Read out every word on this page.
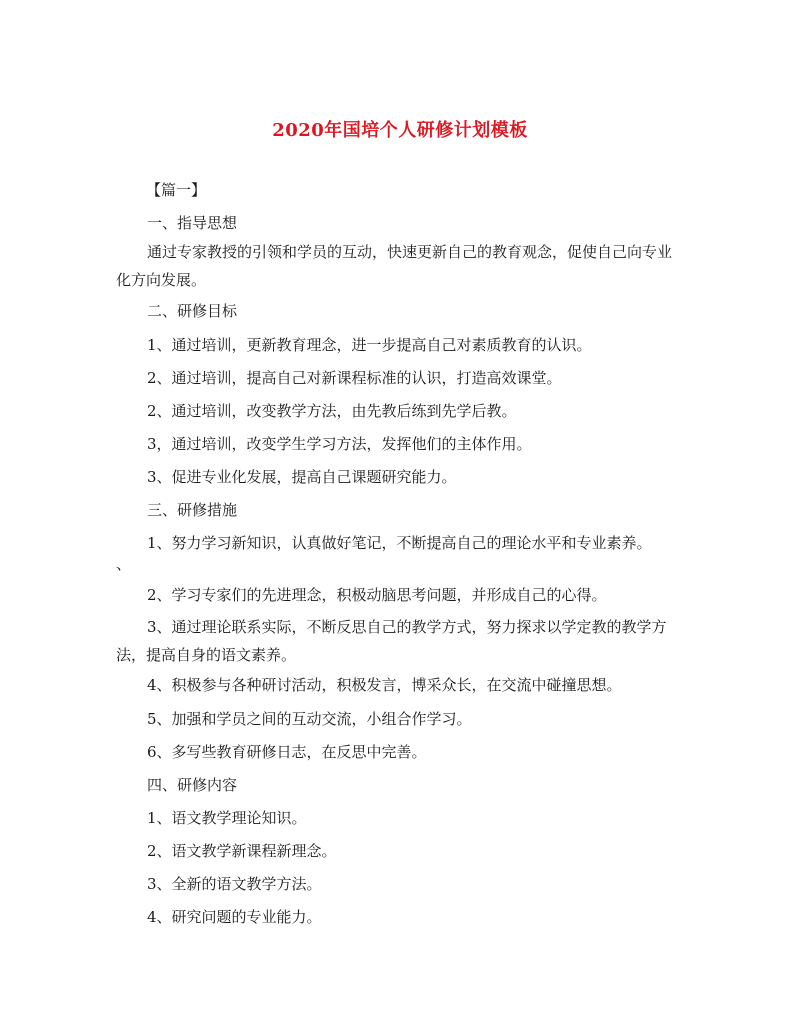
2020年国培个人研修计划模板
【篇一】
一、指导思想
通过专家教授的引领和学员的互动，快速更新自己的教育观念，促使自己向专业化方向发展。
二、研修目标
1、通过培训，更新教育理念，进一步提高自己对素质教育的认识。
2、通过培训，提高自己对新课程标准的认识，打造高效课堂。
2、通过培训，改变教学方法，由先教后练到先学后教。
3，通过培训，改变学生学习方法，发挥他们的主体作用。
3、促进专业化发展，提高自己课题研究能力。
三、研修措施
1、努力学习新知识，认真做好笔记，不断提高自己的理论水平和专业素养。
、
2、学习专家们的先进理念，积极动脑思考问题，并形成自己的心得。
3、通过理论联系实际，不断反思自己的教学方式，努力探求以学定教的教学方法，提高自身的语文素养。
4、积极参与各种研讨活动，积极发言，博采众长，在交流中碰撞思想。
5、加强和学员之间的互动交流，小组合作学习。
6、多写些教育研修日志，在反思中完善。
四、研修内容
1、语文教学理论知识。
2、语文教学新课程新理念。
3、全新的语文教学方法。
4、研究问题的专业能力。
